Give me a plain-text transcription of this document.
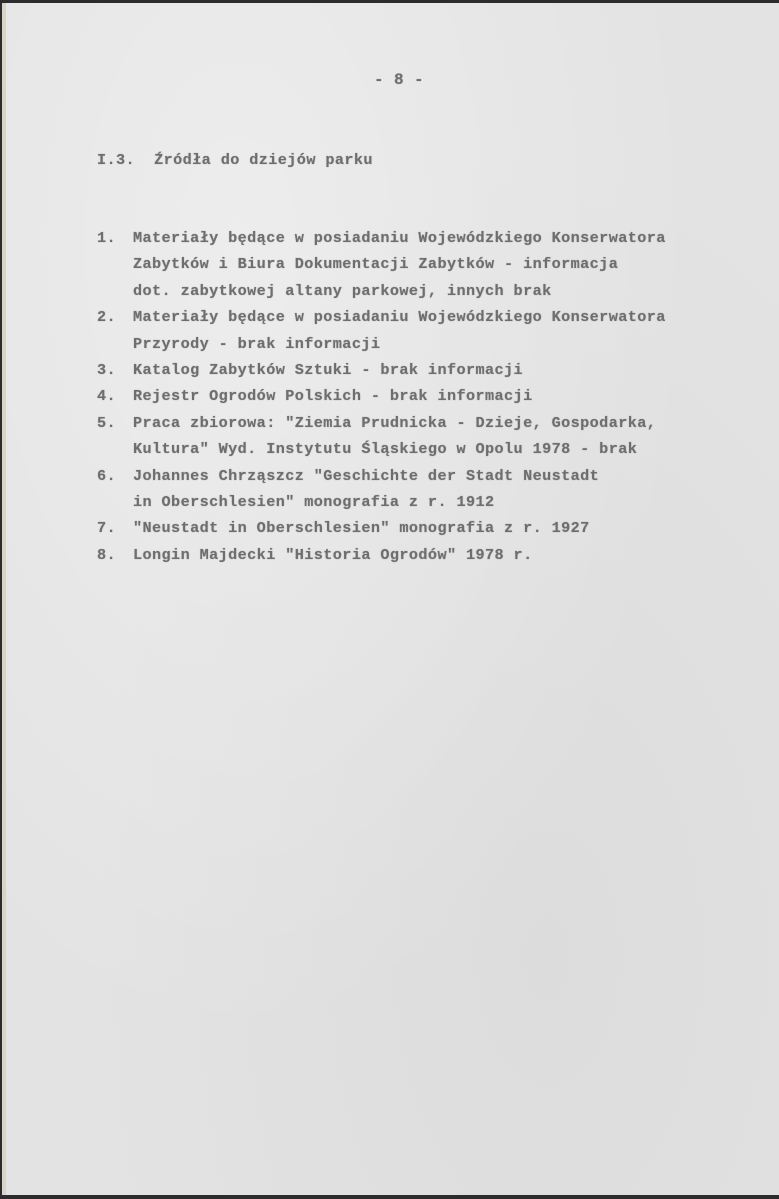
- 8 -
I.3. Źródła do dziejów parku
1. Materiały będące w posiadaniu Wojewódzkiego Konserwatora
Zabytków i Biura Dokumentacji Zabytków - informacja
dot. zabytkowej altany parkowej, innych brak
2. Materiały będące w posiadaniu Wojewódzkiego Konserwatora
Przyrody - brak informacji
3. Katalog Zabytków Sztuki - brak informacji
4. Rejestr Ogrodów Polskich - brak informacji
5. Praca zbiorowa: "Ziemia Prudnicka - Dzieje, Gospodarka,
Kultura" Wyd. Instytutu Śląskiego w Opolu 1978 - brak
6. Johannes Chrząszcz "Geschichte der Stadt Neustadt
in Oberschlesien" monografia z r. 1912
7. "Neustadt in Oberschlesien" monografia z r. 1927
8. Longin Majdecki "Historia Ogrodów" 1978 r.
